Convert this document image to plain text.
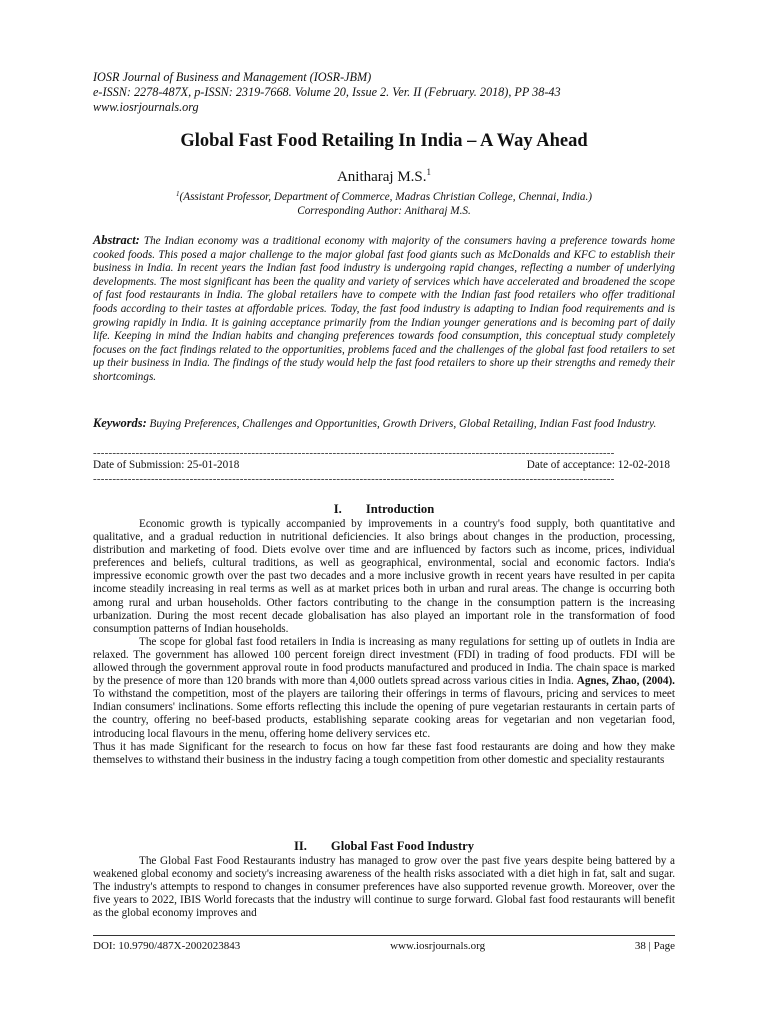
IOSR Journal of Business and Management (IOSR-JBM)
e-ISSN: 2278-487X, p-ISSN: 2319-7668. Volume 20, Issue 2. Ver. II (February. 2018), PP 38-43
www.iosrjournals.org
Global Fast Food Retailing In India – A Way Ahead
Anitharaj M.S.$^1$
$^1$(Assistant Professor, Department of Commerce, Madras Christian College, Chennai, India.)
Corresponding Author: Anitharaj M.S.
Abstract: The Indian economy was a traditional economy with majority of the consumers having a preference towards home cooked foods. This posed a major challenge to the major global fast food giants such as McDonalds and KFC to establish their business in India. In recent years the Indian fast food industry is undergoing rapid changes, reflecting a number of underlying developments. The most significant has been the quality and variety of services which have accelerated and broadened the scope of fast food restaurants in India. The global retailers have to compete with the Indian fast food retailers who offer traditional foods according to their tastes at affordable prices. Today, the fast food industry is adapting to Indian food requirements and is growing rapidly in India. It is gaining acceptance primarily from the Indian younger generations and is becoming part of daily life. Keeping in mind the Indian habits and changing preferences towards food consumption, this conceptual study completely focuses on the fact findings related to the opportunities, problems faced and the challenges of the global fast food retailers to set up their business in India. The findings of the study would help the fast food retailers to shore up their strengths and remedy their shortcomings.
Keywords: Buying Preferences, Challenges and Opportunities, Growth Drivers, Global Retailing, Indian Fast food Industry.
---------------------------------------------------------------------------------------------------------------------------------------
Date of Submission: 25-01-2018	Date of acceptance: 12-02-2018
---------------------------------------------------------------------------------------------------------------------------------------
I. Introduction

Economic growth is typically accompanied by improvements in a country's food supply, both quantitative and qualitative, and a gradual reduction in nutritional deficiencies. It also brings about changes in the production, processing, distribution and marketing of food. Diets evolve over time and are influenced by factors such as income, prices, individual preferences and beliefs, cultural traditions, as well as geographical, environmental, social and economic factors. India's impressive economic growth over the past two decades and a more inclusive growth in recent years have resulted in per capita income steadily increasing in real terms as well as at market prices both in urban and rural areas. The change is occurring both among rural and urban households. Other factors contributing to the change in the consumption pattern is the increasing urbanization. During the most recent decade globalisation has also played an important role in the transformation of food consumption patterns of Indian households.

The scope for global fast food retailers in India is increasing as many regulations for setting up of outlets in India are relaxed. The government has allowed 100 percent foreign direct investment (FDI) in trading of food products. FDI will be allowed through the government approval route in food products manufactured and produced in India. The chain space is marked by the presence of more than 120 brands with more than 4,000 outlets spread across various cities in India. Agnes, Zhao, (2004). To withstand the competition, most of the players are tailoring their offerings in terms of flavours, pricing and services to meet Indian consumers' inclinations. Some efforts reflecting this include the opening of pure vegetarian restaurants in certain parts of the country, offering no beef-based products, establishing separate cooking areas for vegetarian and non vegetarian food, introducing local flavours in the menu, offering home delivery services etc.

Thus it has made Significant for the research to focus on how far these fast food restaurants are doing and how they make themselves to withstand their business in the industry facing a tough competition from other domestic and speciality restaurants

II. Global Fast Food Industry

The Global Fast Food Restaurants industry has managed to grow over the past five years despite being battered by a weakened global economy and society's increasing awareness of the health risks associated with a diet high in fat, salt and sugar. The industry's attempts to respond to changes in consumer preferences have also supported revenue growth. Moreover, over the five years to 2022, IBIS World forecasts that the industry will continue to surge forward. Global fast food restaurants will benefit as the global economy improves and

DOI: 10.9790/487X-2002023843	www.iosrjournals.org	38 | Page
